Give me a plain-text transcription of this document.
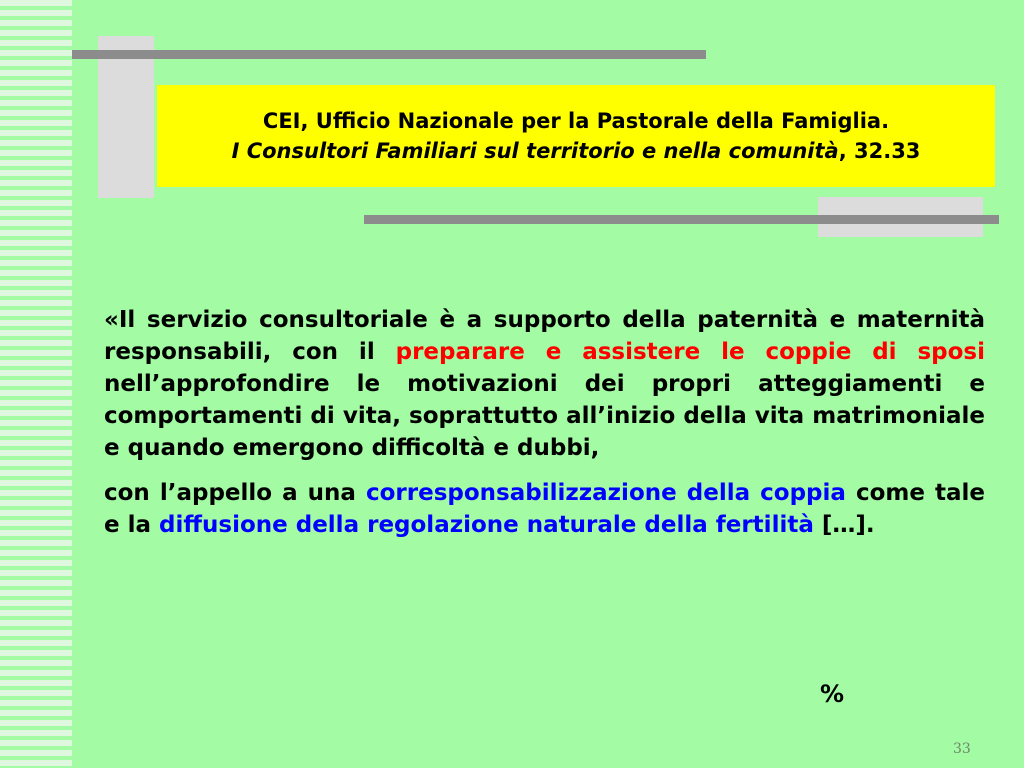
CEI, Ufficio Nazionale per la Pastorale della Famiglia.
I Consultori Familiari sul territorio e nella comunità, 32.33

«Il servizio consultoriale è a supporto della paternità e maternità responsabili, con il preparare e assistere le coppie di sposi nell’approfondire le motivazioni dei propri atteggiamenti e comportamenti di vita, soprattutto all’inizio della vita matrimoniale e quando emergono difficoltà e dubbi,

con l’appello a una corresponsabilizzazione della coppia come tale e la diffusione della regolazione naturale della fertilità […].

%
33
